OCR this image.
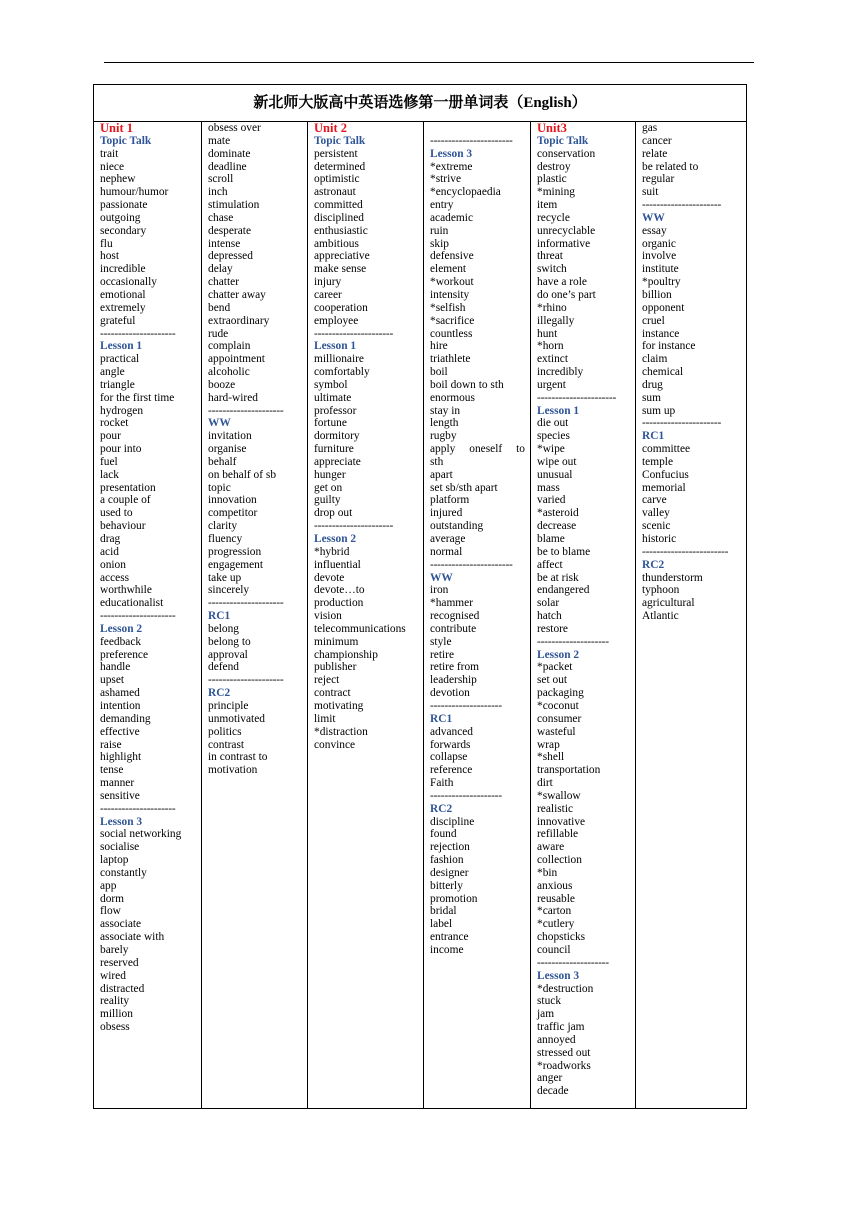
新北师大版高中英语选修第一册单词表（English）
Unit 1
Topic Talk
trait
niece
nephew
humour/humor
passionate
outgoing
secondary
flu
host
incredible
occasionally
emotional
extremely
grateful
---------------------
Lesson 1
practical
angle
triangle
for the first time
hydrogen
rocket
pour
pour into
fuel
lack
presentation
a couple of
used to
behaviour
drag
acid
onion
access
worthwhile
educationalist
---------------------
Lesson 2
feedback
preference
handle
upset
ashamed
intention
demanding
effective
raise
highlight
tense
manner
sensitive
---------------------
Lesson 3
social networking
socialise
laptop
constantly
app
dorm
flow
associate
associate with
barely
reserved
wired
distracted
reality
million
obsess
obsess over
mate
dominate
deadline
scroll
inch
stimulation
chase
desperate
intense
depressed
delay
chatter
chatter away
bend
extraordinary
rude
complain
appointment
alcoholic
booze
hard-wired
---------------------
WW
invitation
organise
behalf
on behalf of sb
topic
innovation
competitor
clarity
fluency
progression
engagement
take up
sincerely
---------------------
RC1
belong
belong to
approval
defend
---------------------
RC2
principle
unmotivated
politics
contrast
in contrast to
motivation
Unit 2
Topic Talk
persistent
determined
optimistic
astronaut
committed
disciplined
enthusiastic
ambitious
appreciative
make sense
injury
career
cooperation
employee
----------------------
Lesson 1
millionaire
comfortably
symbol
ultimate
professor
fortune
dormitory
furniture
appreciate
hunger
get on
guilty
drop out
----------------------
Lesson 2
*hybrid
influential
devote
devote…to
production
vision
telecommunications
minimum
championship
publisher
reject
contract
motivating
limit
*distraction
convince
-----------------------
Lesson 3
*extreme
*strive
*encyclopaedia
entry
academic
ruin
skip
defensive
element
*workout
intensity
*selfish
*sacrifice
countless
hire
triathlete
boil
boil down to sth
enormous
stay in
length
rugby
apply oneself to
sth
apart
set sb/sth apart
platform
injured
outstanding
average
normal
-----------------------
WW
iron
*hammer
recognised
contribute
style
retire
retire from
leadership
devotion
--------------------
RC1
advanced
forwards
collapse
reference
Faith
--------------------
RC2
discipline
found
rejection
fashion
designer
bitterly
promotion
bridal
label
entrance
income
Unit3
Topic Talk
conservation
destroy
plastic
*mining
item
recycle
unrecyclable
informative
threat
switch
have a role
do one’s part
*rhino
illegally
hunt
*horn
extinct
incredibly
urgent
----------------------
Lesson 1
die out
species
*wipe
wipe out
unusual
mass
varied
*asteroid
decrease
blame
be to blame
affect
be at risk
endangered
solar
hatch
restore
--------------------
Lesson 2
*packet
set out
packaging
*coconut
consumer
wasteful
wrap
*shell
transportation
dirt
*swallow
realistic
innovative
refillable
aware
collection
*bin
anxious
reusable
*carton
*cutlery
chopsticks
council
--------------------
Lesson 3
*destruction
stuck
jam
traffic jam
annoyed
stressed out
*roadworks
anger
decade
gas
cancer
relate
be related to
regular
suit
----------------------
WW
essay
organic
involve
institute
*poultry
billion
opponent
cruel
instance
for instance
claim
chemical
drug
sum
sum up
----------------------
RC1
committee
temple
Confucius
memorial
carve
valley
scenic
historic
------------------------
RC2
thunderstorm
typhoon
agricultural
Atlantic
